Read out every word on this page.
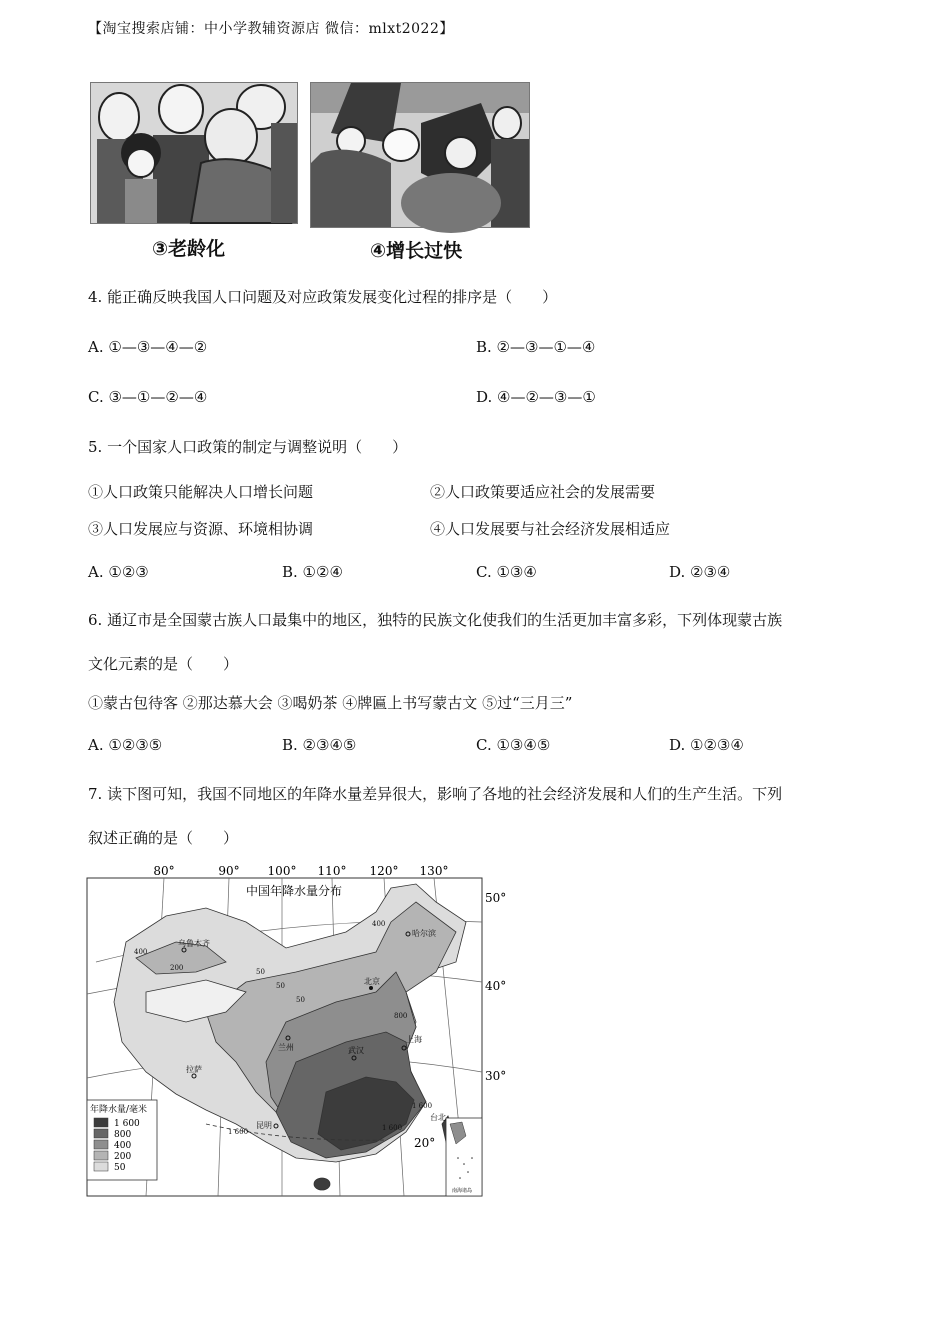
【淘宝搜索店铺：中小学教辅资源店 微信：mlxt2022】
③老龄化	④增长过快
4. 能正确反映我国人口问题及对应政策发展变化过程的排序是（　　）
A. ①—③—④—②	B. ②—③—①—④
C. ③—①—②—④	D. ④—②—③—①
5. 一个国家人口政策的制定与调整说明（　　）
①人口政策只能解决人口增长问题	②人口政策要适应社会的发展需要
③人口发展应与资源、环境相协调	④人口发展要与社会经济发展相适应
A. ①②③	B. ①②④	C. ①③④	D. ②③④
6. 通辽市是全国蒙古族人口最集中的地区，独特的民族文化使我们的生活更加丰富多彩，下列体现蒙古族
文化元素的是（　　）
①蒙古包待客 ②那达慕大会 ③喝奶茶 ④牌匾上书写蒙古文 ⑤过“三月三”
A. ①②③⑤	B. ②③④⑤	C. ①③④⑤	D. ①②③④
7. 读下图可知，我国不同地区的年降水量差异很大，影响了各地的社会经济发展和人们的生产生活。下列
叙述正确的是（　　）
80°	90° 100° 110° 120° 130°
50°
40°
30°
20°
中国年降水量分布
乌鲁木齐
哈尔滨
兰州	武汉
上海
拉萨
昆明
北京
台北
400
200	50
50
50
800
1 600	1 600
1 600
400
年降水量/毫米
1 600
800
400
200
50
南海诸岛
